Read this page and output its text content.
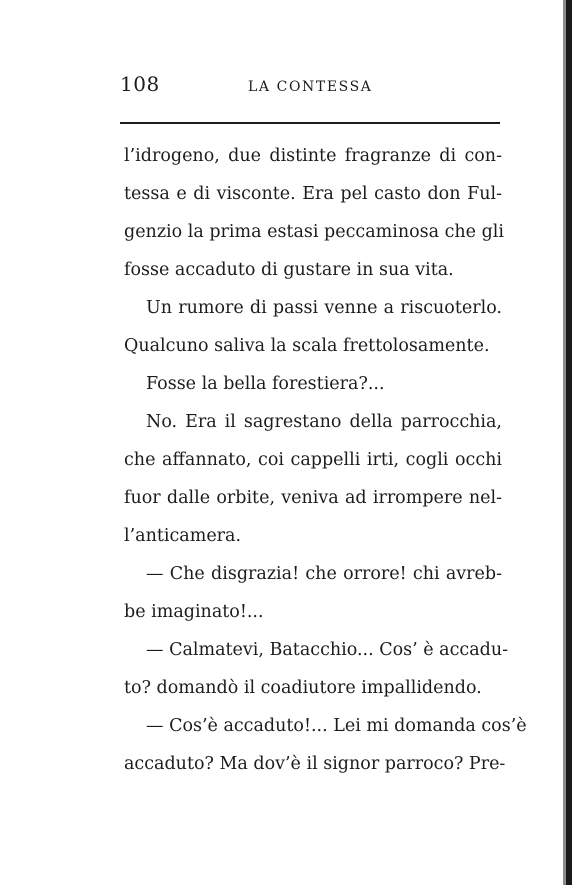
108	LA CONTESSA
l’idrogeno, due distinte fragranze di con-
tessa e di visconte. Era pel casto don Ful-
genzio la prima estasi peccaminosa che gli
fosse accaduto di gustare in sua vita.
Un rumore di passi venne a riscuoterlo.
Qualcuno saliva la scala frettolosamente.
Fosse la bella forestiera?...
No. Era il sagrestano della parrocchia,
che affannato, coi cappelli irti, cogli occhi
fuor dalle orbite, veniva ad irrompere nel-
l’anticamera.
— Che disgrazia! che orrore! chi avreb-
be imaginato!...
— Calmatevi, Batacchio... Cos’ è accadu-
to? domandò il coadiutore impallidendo.
— Cos’è accaduto!... Lei mi domanda cos’è
accaduto? Ma dov’è il signor parroco? Pre-
